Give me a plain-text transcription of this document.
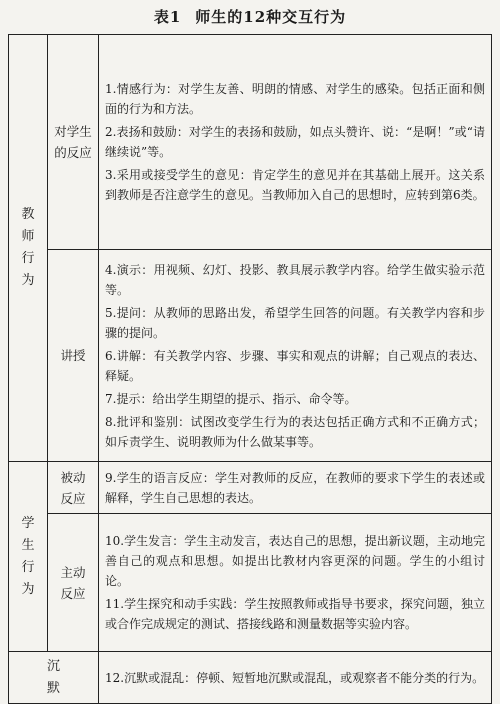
表1 师生的12种交互行为
教师行为	对学生的反应	1.情感行为：对学生友善、明朗的情感、对学生的感染。包括正面和侧面的行为和方法。

2.表扬和鼓励：对学生的表扬和鼓励，如点头赞许、说：“是啊！”或“请继续说”等。

3.采用或接受学生的意见：肯定学生的意见并在其基础上展开。这关系到教师是否注意学生的意见。当教师加入自己的思想时，应转到第6类。

	讲授	4.演示：用视频、幻灯、投影、教具展示教学内容。给学生做实验示范等。

5.提问：从教师的思路出发，希望学生回答的问题。有关教学内容和步骤的提问。

6.讲解：有关教学内容、步骤、事实和观点的讲解；自己观点的表达、释疑。

7.提示：给出学生期望的提示、指示、命令等。

8.批评和鉴别：试图改变学生行为的表达包括正确方式和不正确方式；如斥责学生、说明教师为什么做某事等。

学生行为	被动反应	9.学生的语言反应：学生对教师的反应，在教师的要求下学生的表述或解释，学生自己思想的表达。

	主动反应	10.学生发言：学生主动发言，表达自己的思想，提出新议题，主动地完善自己的观点和思想。如提出比教材内容更深的问题。学生的小组讨论。

11.学生探究和动手实践：学生按照教师或指导书要求，探究问题，独立或合作完成规定的测试、搭接线路和测量数据等实验内容。

沉默		12.沉默或混乱：停顿、短暂地沉默或混乱，或观察者不能分类的行为。
